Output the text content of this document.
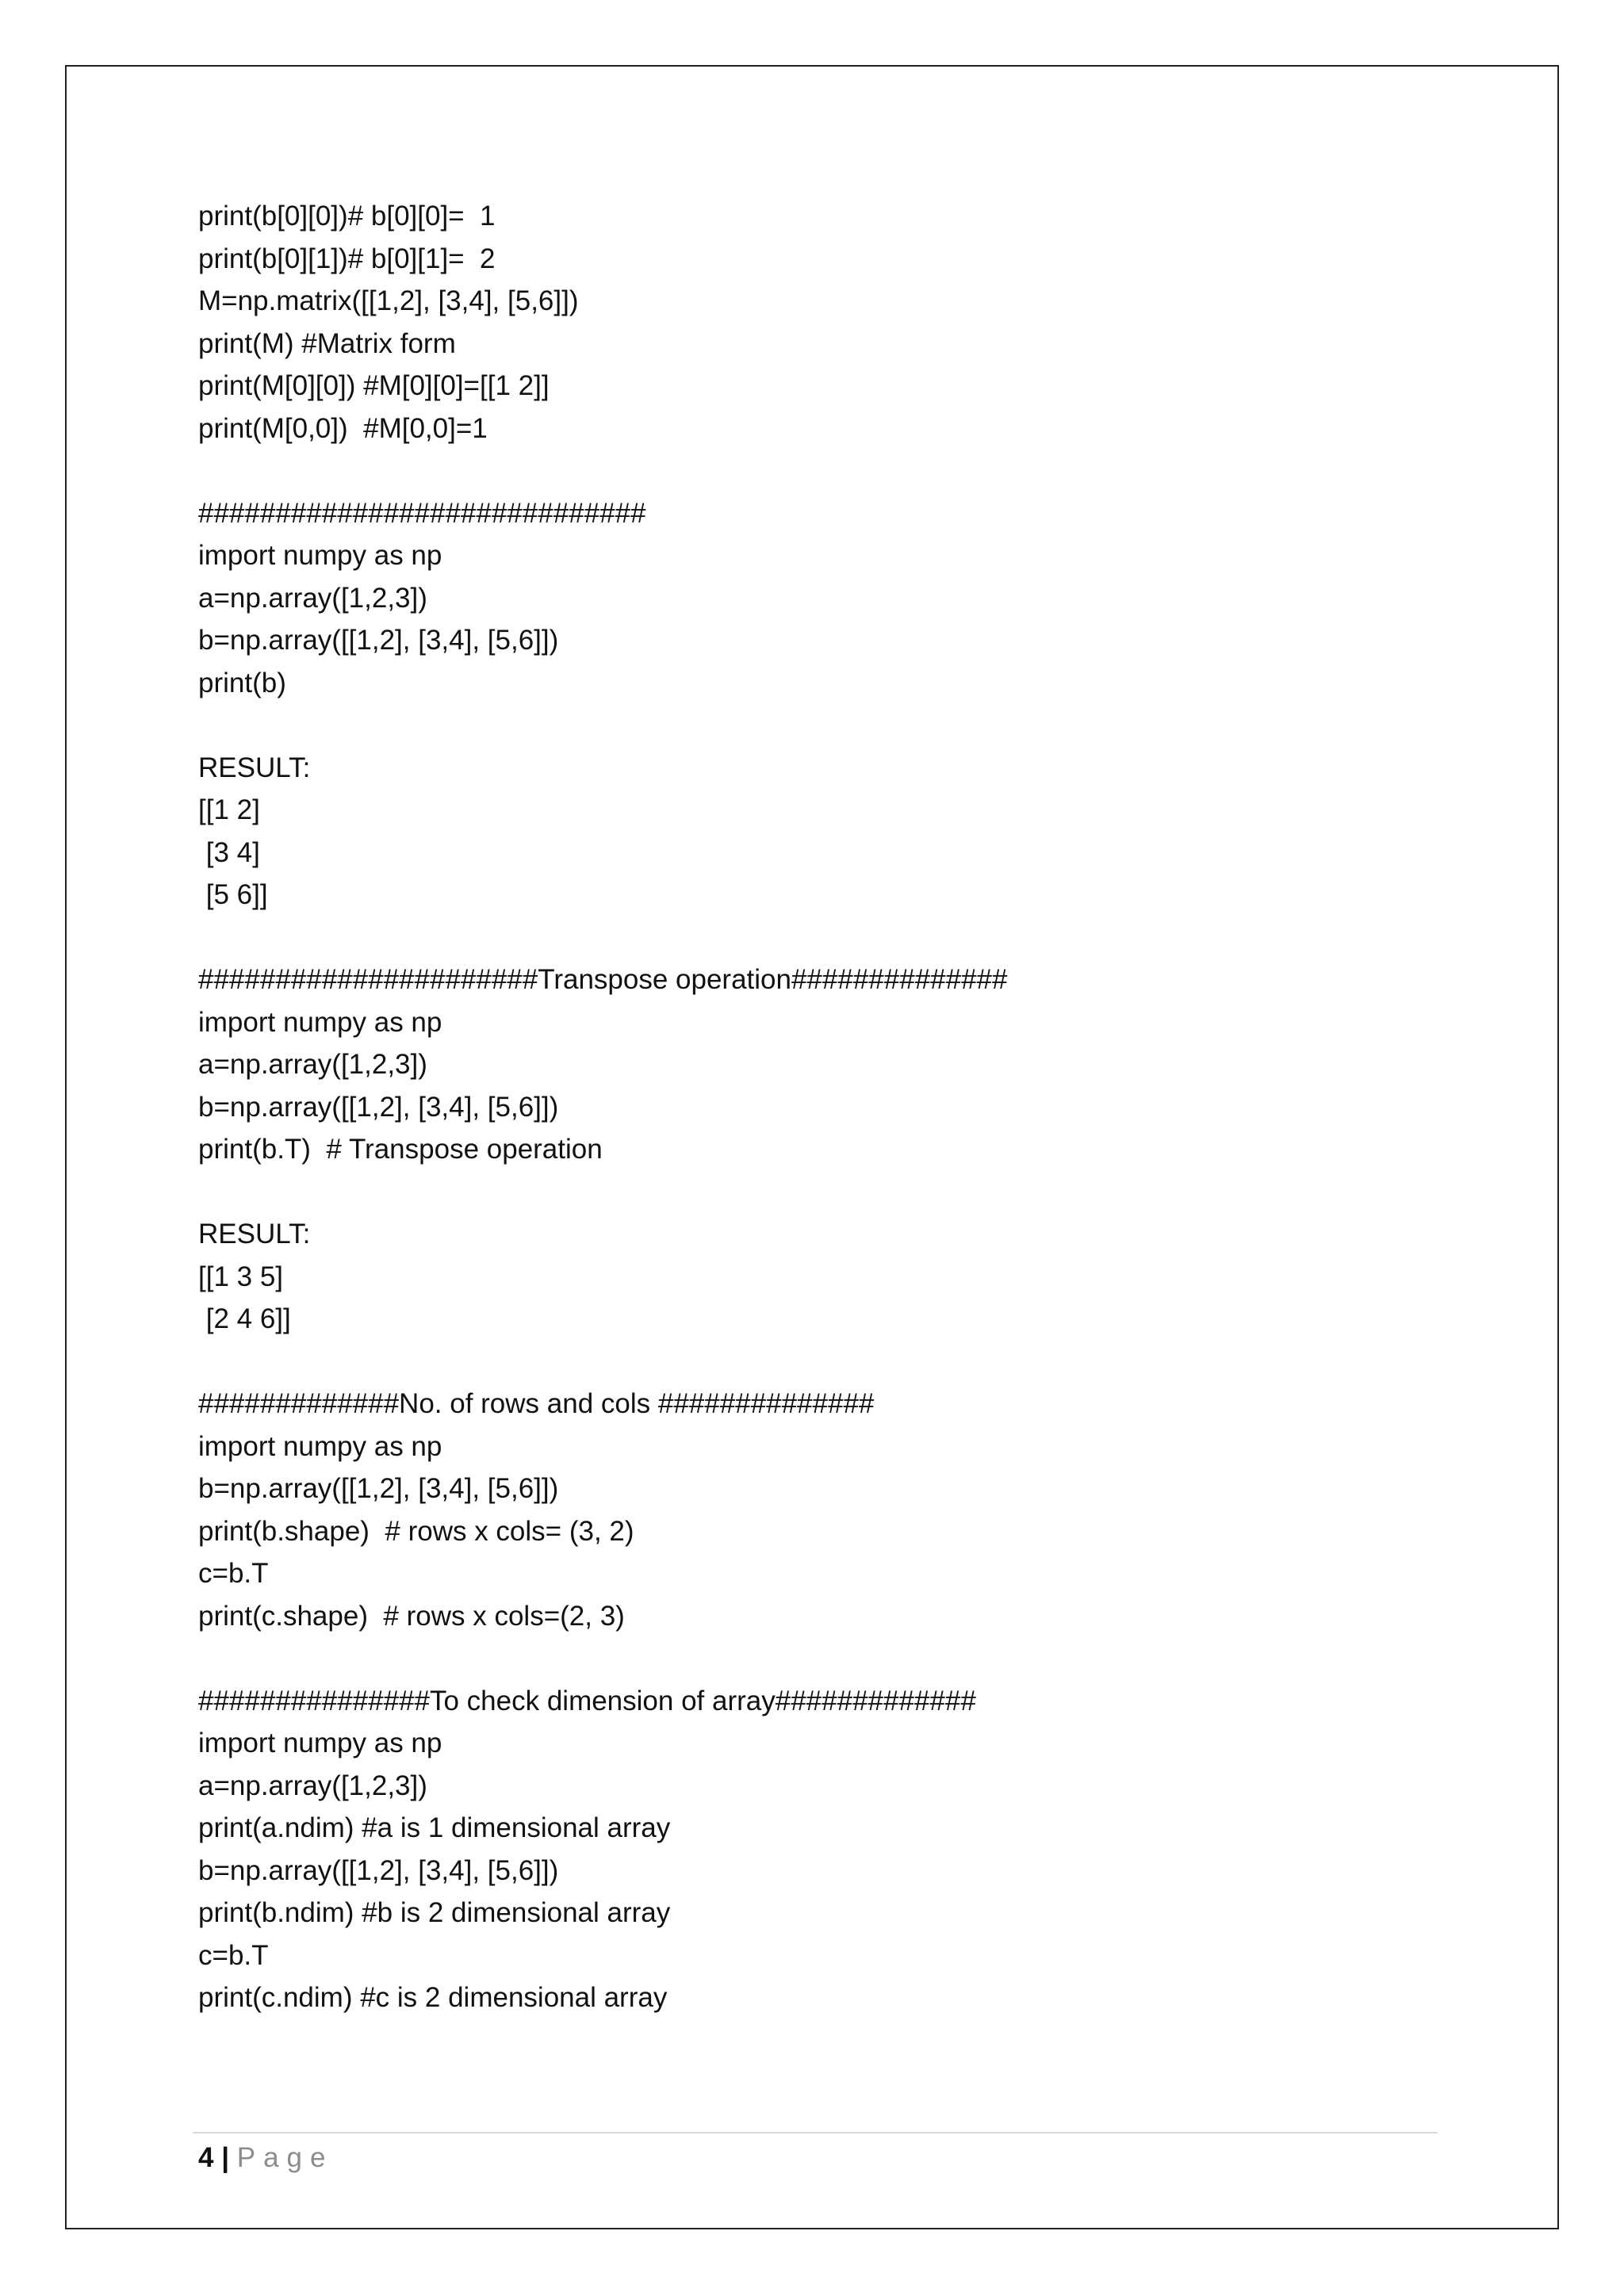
print(b[0][0])# b[0][0]=  1
print(b[0][1])# b[0][1]=  2
M=np.matrix([[1,2], [3,4], [5,6]])
print(M) #Matrix form
print(M[0][0]) #M[0][0]=[[1 2]]
print(M[0,0])  #M[0,0]=1
#############################
import numpy as np
a=np.array([1,2,3])
b=np.array([[1,2], [3,4], [5,6]])
print(b)
RESULT:
[[1 2]
[3 4]
[5 6]]
######################Transpose operation##############
import numpy as np
a=np.array([1,2,3])
b=np.array([[1,2], [3,4], [5,6]])
print(b.T)  # Transpose operation
RESULT:
[[1 3 5]
[2 4 6]]
#############No. of rows and cols ##############
import numpy as np
b=np.array([[1,2], [3,4], [5,6]])
print(b.shape)  # rows x cols= (3, 2)
c=b.T
print(c.shape)  # rows x cols=(2, 3)
###############To check dimension of array#############
import numpy as np
a=np.array([1,2,3])
print(a.ndim) #a is 1 dimensional array
b=np.array([[1,2], [3,4], [5,6]])
print(b.ndim) #b is 2 dimensional array
c=b.T
print(c.ndim) #c is 2 dimensional array
4 | Page
